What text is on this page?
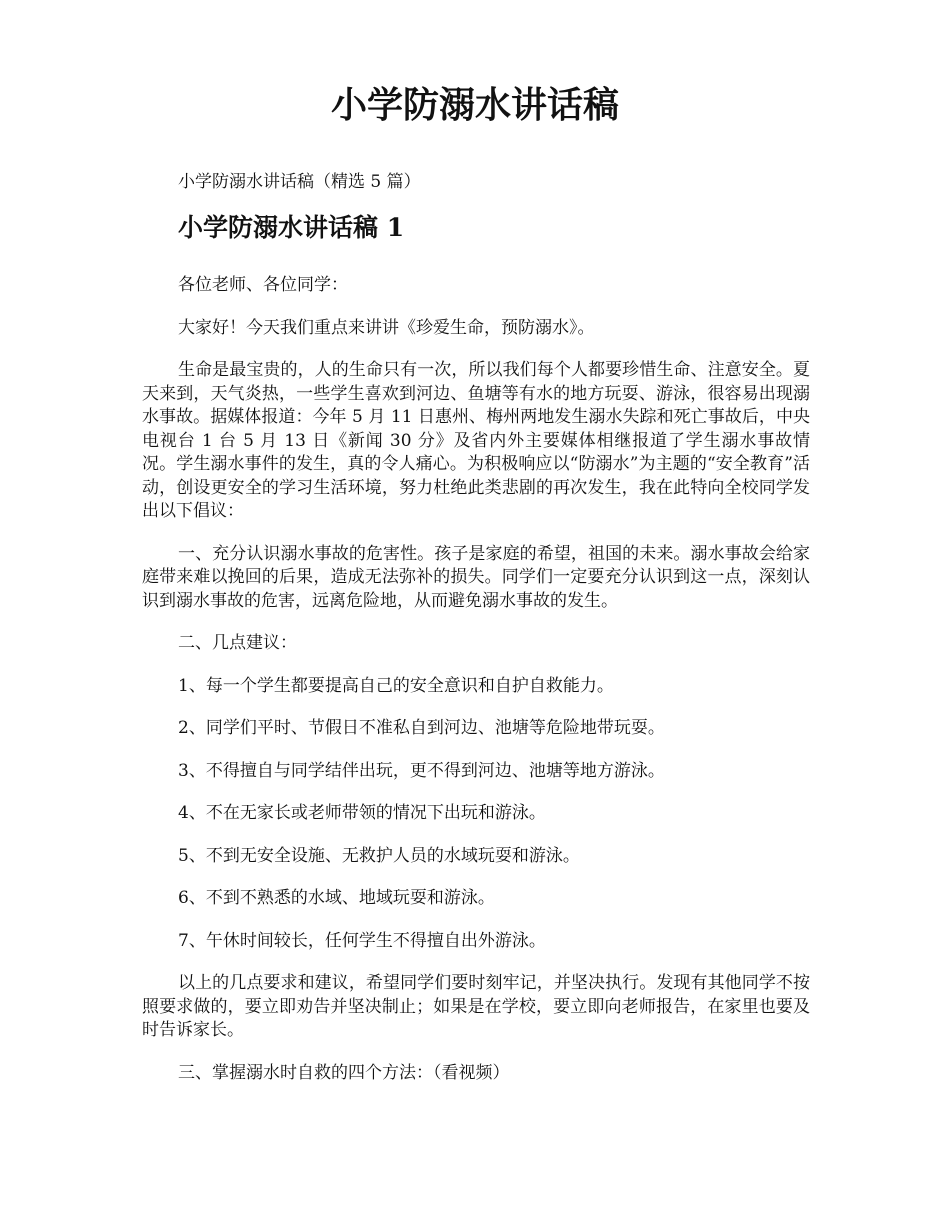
小学防溺水讲话稿

小学防溺水讲话稿（精选 5 篇）

小学防溺水讲话稿 1

各位老师、各位同学：

大家好！今天我们重点来讲讲《珍爱生命，预防溺水》。

生命是最宝贵的，人的生命只有一次，所以我们每个人都要珍惜生命、注意安全。夏天来到，天气炎热，一些学生喜欢到河边、鱼塘等有水的地方玩耍、游泳，很容易出现溺水事故。据媒体报道：今年 5 月 11 日惠州、梅州两地发生溺水失踪和死亡事故后，中央电视台 1 台 5 月 13 日《新闻 30 分》及省内外主要媒体相继报道了学生溺水事故情况。学生溺水事件的发生，真的令人痛心。为积极响应以“防溺水”为主题的“安全教育”活动，创设更安全的学习生活环境，努力杜绝此类悲剧的再次发生，我在此特向全校同学发出以下倡议：

一、充分认识溺水事故的危害性。孩子是家庭的希望，祖国的未来。溺水事故会给家庭带来难以挽回的后果，造成无法弥补的损失。同学们一定要充分认识到这一点，深刻认识到溺水事故的危害，远离危险地，从而避免溺水事故的发生。

二、几点建议：

1、每一个学生都要提高自己的安全意识和自护自救能力。

2、同学们平时、节假日不准私自到河边、池塘等危险地带玩耍。

3、不得擅自与同学结伴出玩，更不得到河边、池塘等地方游泳。

4、不在无家长或老师带领的情况下出玩和游泳。

5、不到无安全设施、无救护人员的水域玩耍和游泳。

6、不到不熟悉的水域、地域玩耍和游泳。

7、午休时间较长，任何学生不得擅自出外游泳。

以上的几点要求和建议，希望同学们要时刻牢记，并坚决执行。发现有其他同学不按照要求做的，要立即劝告并坚决制止；如果是在学校，要立即向老师报告，在家里也要及时告诉家长。

三、掌握溺水时自救的四个方法：（看视频）
